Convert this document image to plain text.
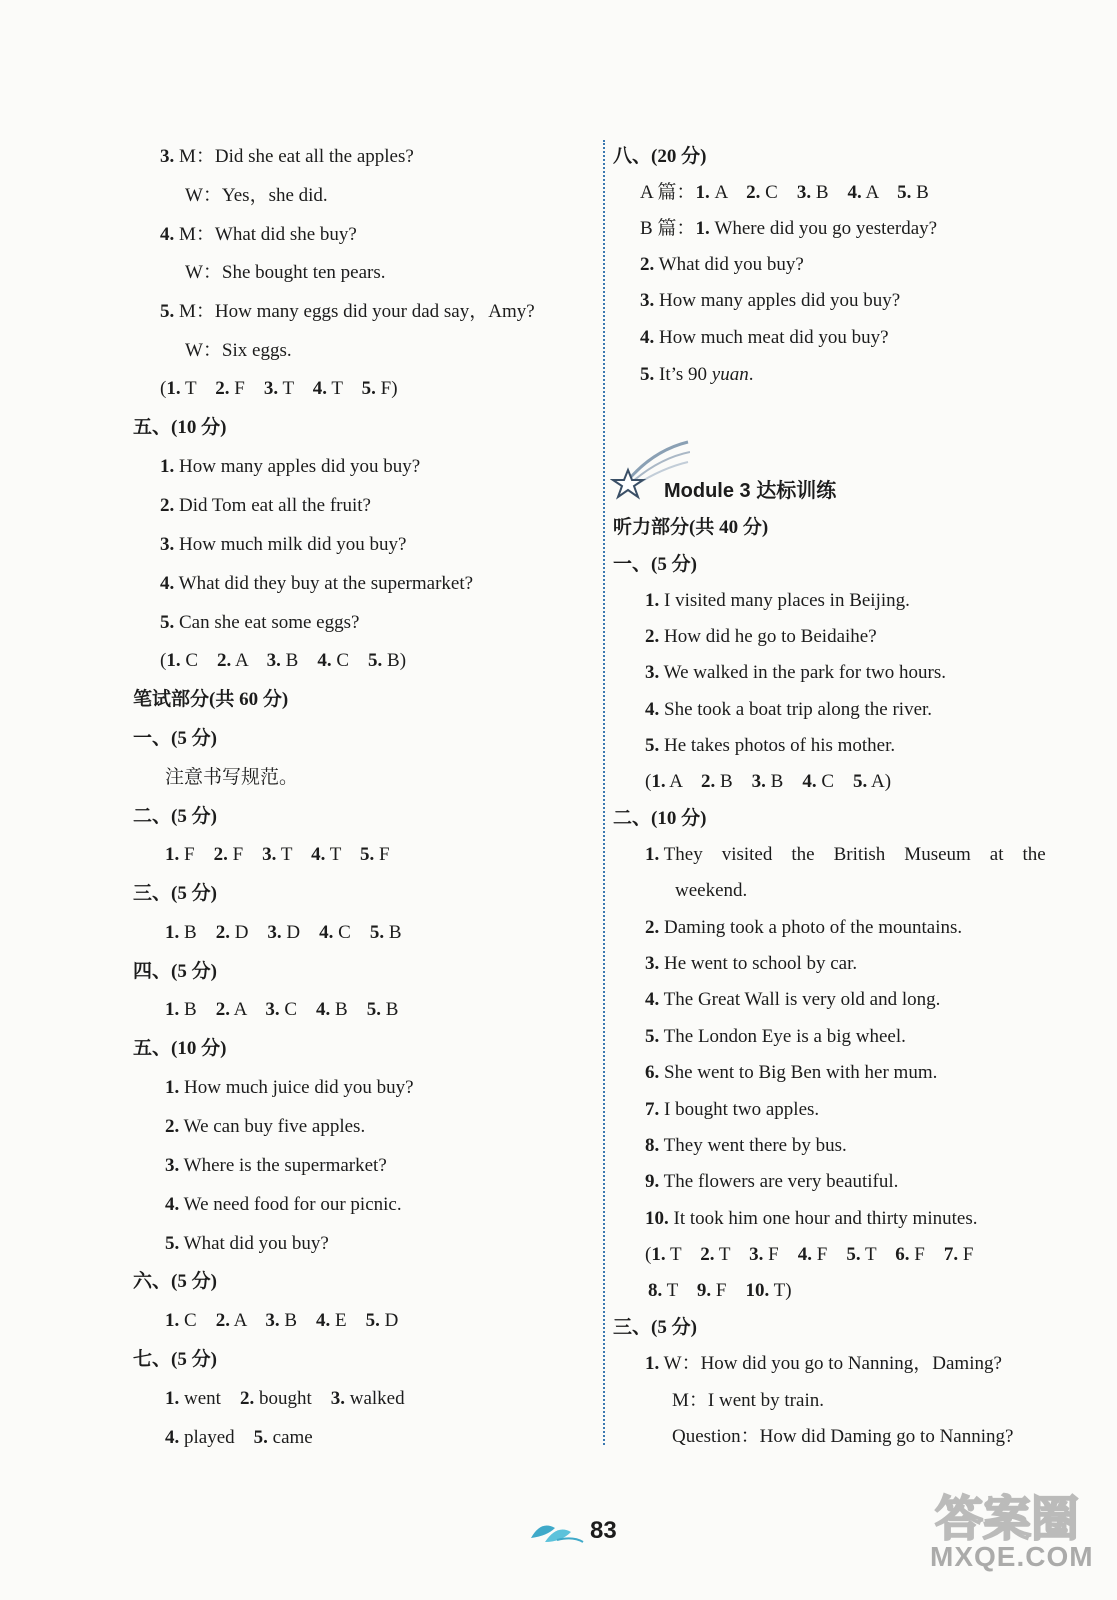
3. M：Did she eat all the apples?
W：Yes，she did.
4. M：What did she buy?
W：She bought ten pears.
5. M：How many eggs did your dad say，Amy?
W：Six eggs.
(1. T　2. F　3. T　4. T　5. F)
五、(10 分)
1. How many apples did you buy?
2. Did Tom eat all the fruit?
3. How much milk did you buy?
4. What did they buy at the supermarket?
5. Can she eat some eggs?
(1. C　2. A　3. B　4. C　5. B)
笔试部分(共 60 分)
一、(5 分)
注意书写规范。
二、(5 分)
1. F　2. F　3. T　4. T　5. F
三、(5 分)
1. B　2. D　3. D　4. C　5. B
四、(5 分)
1. B　2. A　3. C　4. B　5. B
五、(10 分)
1. How much juice did you buy?
2. We can buy five apples.
3. Where is the supermarket?
4. We need food for our picnic.
5. What did you buy?
六、(5 分)
1. C　2. A　3. B　4. E　5. D
七、(5 分)
1. went　2. bought　3. walked
4. played　5. came
八、(20 分)
A 篇：1. A　2. C　3. B　4. A　5. B
B 篇：1. Where did you go yesterday?
2. What did you buy?
3. How many apples did you buy?
4. How much meat did you buy?
5. It’s 90 yuan.
听力部分(共 40 分)
一、(5 分)
1. I visited many places in Beijing.
2. How did he go to Beidaihe?
3. We walked in the park for two hours.
4. She took a boat trip along the river.
5. He takes photos of his mother.
(1. A　2. B　3. B　4. C　5. A)
二、(10 分)
1. They　visited　the　British　Museum　at　the
weekend.
2. Daming took a photo of the mountains.
3. He went to school by car.
4. The Great Wall is very old and long.
5. The London Eye is a big wheel.
6. She went to Big Ben with her mum.
7. I bought two apples.
8. They went there by bus.
9. The flowers are very beautiful.
10. It took him one hour and thirty minutes.
(1. T　2. T　3. F　4. F　5. T　6. F　7. F
8. T　9. F　10. T)
三、(5 分)
1. W：How did you go to Nanning，Daming?
M：I went by train.
Question：How did Daming go to Nanning?
Module 3 达标训练
83	答案圈
MXQE.COM
